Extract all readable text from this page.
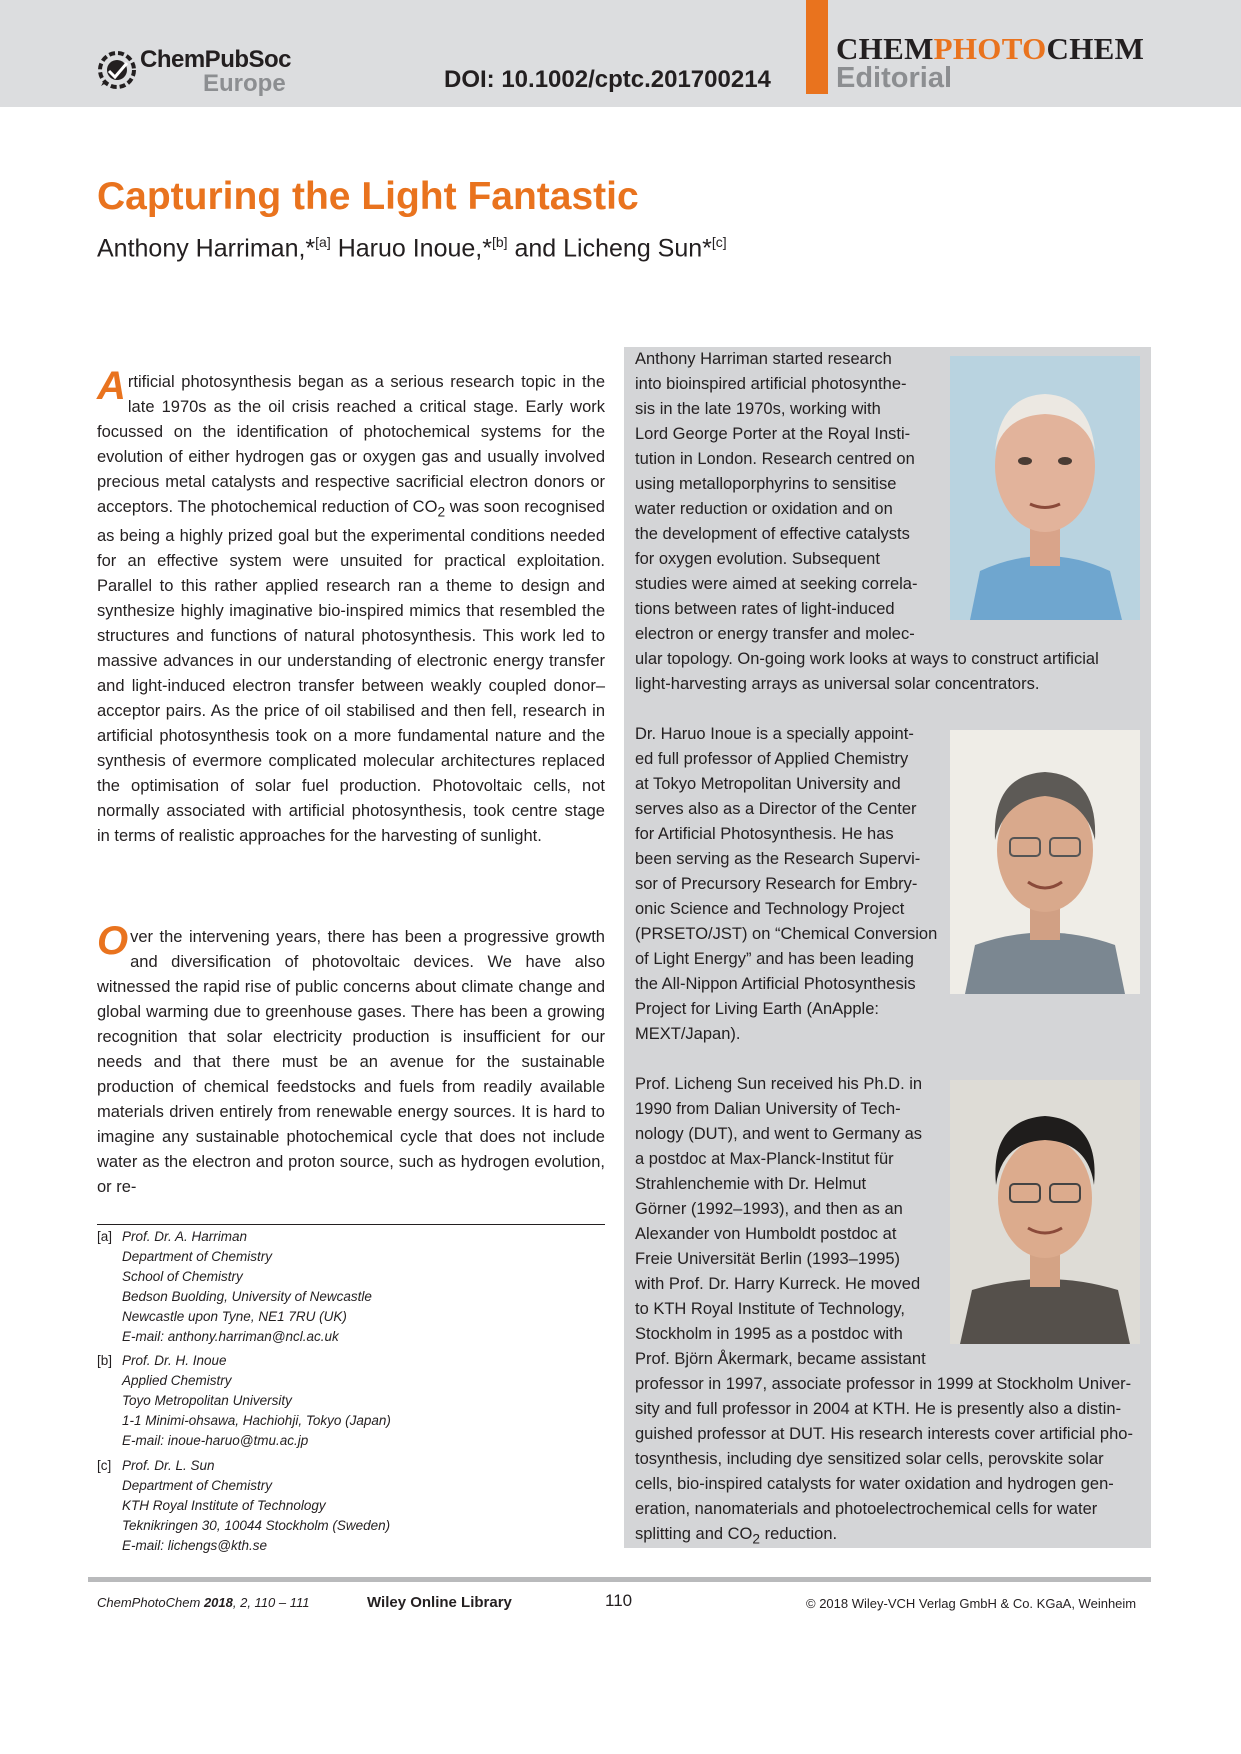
ChemPubSoc
Europe	DOI: 10.1002/cptc.201700214
CHEMPHOTOCHEM
Editorial
Capturing the Light Fantastic

Anthony Harriman,*[a] Haruo Inoue,*[b] and Licheng Sun*[c]

Artificial photosynthesis began as a serious research topic in the late 1970s as the oil crisis reached a critical stage. Early work focussed on the identification of photochemical systems for the evolution of either hydrogen gas or oxygen gas and usually involved precious metal catalysts and respective sacrificial electron donors or acceptors. The photochemical reduction of $CO_2$ was soon recognised as being a highly prized goal but the experimental conditions needed for an effective system were unsuited for practical exploitation. Parallel to this rather applied research ran a theme to design and synthesize highly imaginative bio-inspired mimics that resembled the structures and functions of natural photosynthesis. This work led to massive advances in our understanding of electronic energy transfer and light-induced electron transfer between weakly coupled donor–acceptor pairs. As the price of oil stabilised and then fell, research in artificial photosynthesis took on a more fundamental nature and the synthesis of evermore complicated molecular architectures replaced the optimisation of solar fuel production. Photovoltaic cells, not normally associated with artificial photosynthesis, took centre stage in terms of realistic approaches for the harvesting of sunlight.

Over the intervening years, there has been a progressive growth and diversification of photovoltaic devices. We have also witnessed the rapid rise of public concerns about climate change and global warming due to greenhouse gases. There has been a growing recognition that solar electricity production is insufficient for our needs and that there must be an avenue for the sustainable production of chemical feedstocks and fuels from readily available materials driven entirely from renewable energy sources. It is hard to imagine any sustainable photochemical cycle that does not include water as the electron and proton source, such as hydrogen evolution, or re-

[a] Prof. Dr. A. Harriman
Department of Chemistry
School of Chemistry
Bedson Buolding, University of Newcastle
Newcastle upon Tyne, NE1 7RU (UK)
E-mail: anthony.harriman@ncl.ac.uk
[b] Prof. Dr. H. Inoue
Applied Chemistry
Toyo Metropolitan University
1-1 Minimi-ohsawa, Hachiohji, Tokyo (Japan)
E-mail: inoue-haruo@tmu.ac.jp
[c] Prof. Dr. L. Sun
Department of Chemistry
KTH Royal Institute of Technology
Teknikringen 30, 10044 Stockholm (Sweden)
E-mail: lichengs@kth.se
Anthony Harriman started research
into bioinspired artificial photosynthe-
sis in the late 1970s, working with
Lord George Porter at the Royal Insti-
tution in London. Research centred on
using metalloporphyrins to sensitise
water reduction or oxidation and on
the development of effective catalysts
for oxygen evolution. Subsequent
studies were aimed at seeking correla-
tions between rates of light-induced
electron or energy transfer and molec-
ular topology. On-going work looks at ways to construct artificial
light-harvesting arrays as universal solar concentrators.
Dr. Haruo Inoue is a specially appoint-
ed full professor of Applied Chemistry
at Tokyo Metropolitan University and
serves also as a Director of the Center
for Artificial Photosynthesis. He has
been serving as the Research Supervi-
sor of Precursory Research for Embry-
onic Science and Technology Project
(PRSETO/JST) on “Chemical Conversion
of Light Energy” and has been leading
the All-Nippon Artificial Photosynthesis
Project for Living Earth (AnApple:
MEXT/Japan).
Prof. Licheng Sun received his Ph.D. in
1990 from Dalian University of Tech-
nology (DUT), and went to Germany as
a postdoc at Max-Planck-Institut für
Strahlenchemie with Dr. Helmut
Görner (1992–1993), and then as an
Alexander von Humboldt postdoc at
Freie Universität Berlin (1993–1995)
with Prof. Dr. Harry Kurreck. He moved
to KTH Royal Institute of Technology,
Stockholm in 1995 as a postdoc with
Prof. Björn Åkermark, became assistant
professor in 1997, associate professor in 1999 at Stockholm Univer-
sity and full professor in 2004 at KTH. He is presently also a distin-
guished professor at DUT. His research interests cover artificial pho-
tosynthesis, including dye sensitized solar cells, perovskite solar
cells, bio-inspired catalysts for water oxidation and hydrogen gen-
eration, nanomaterials and photoelectrochemical cells for water
splitting and $CO_2$ reduction.
ChemPhotoChem 2018, 2, 110 – 111	Wiley Online Library	110	© 2018 Wiley-VCH Verlag GmbH & Co. KGaA, Weinheim
